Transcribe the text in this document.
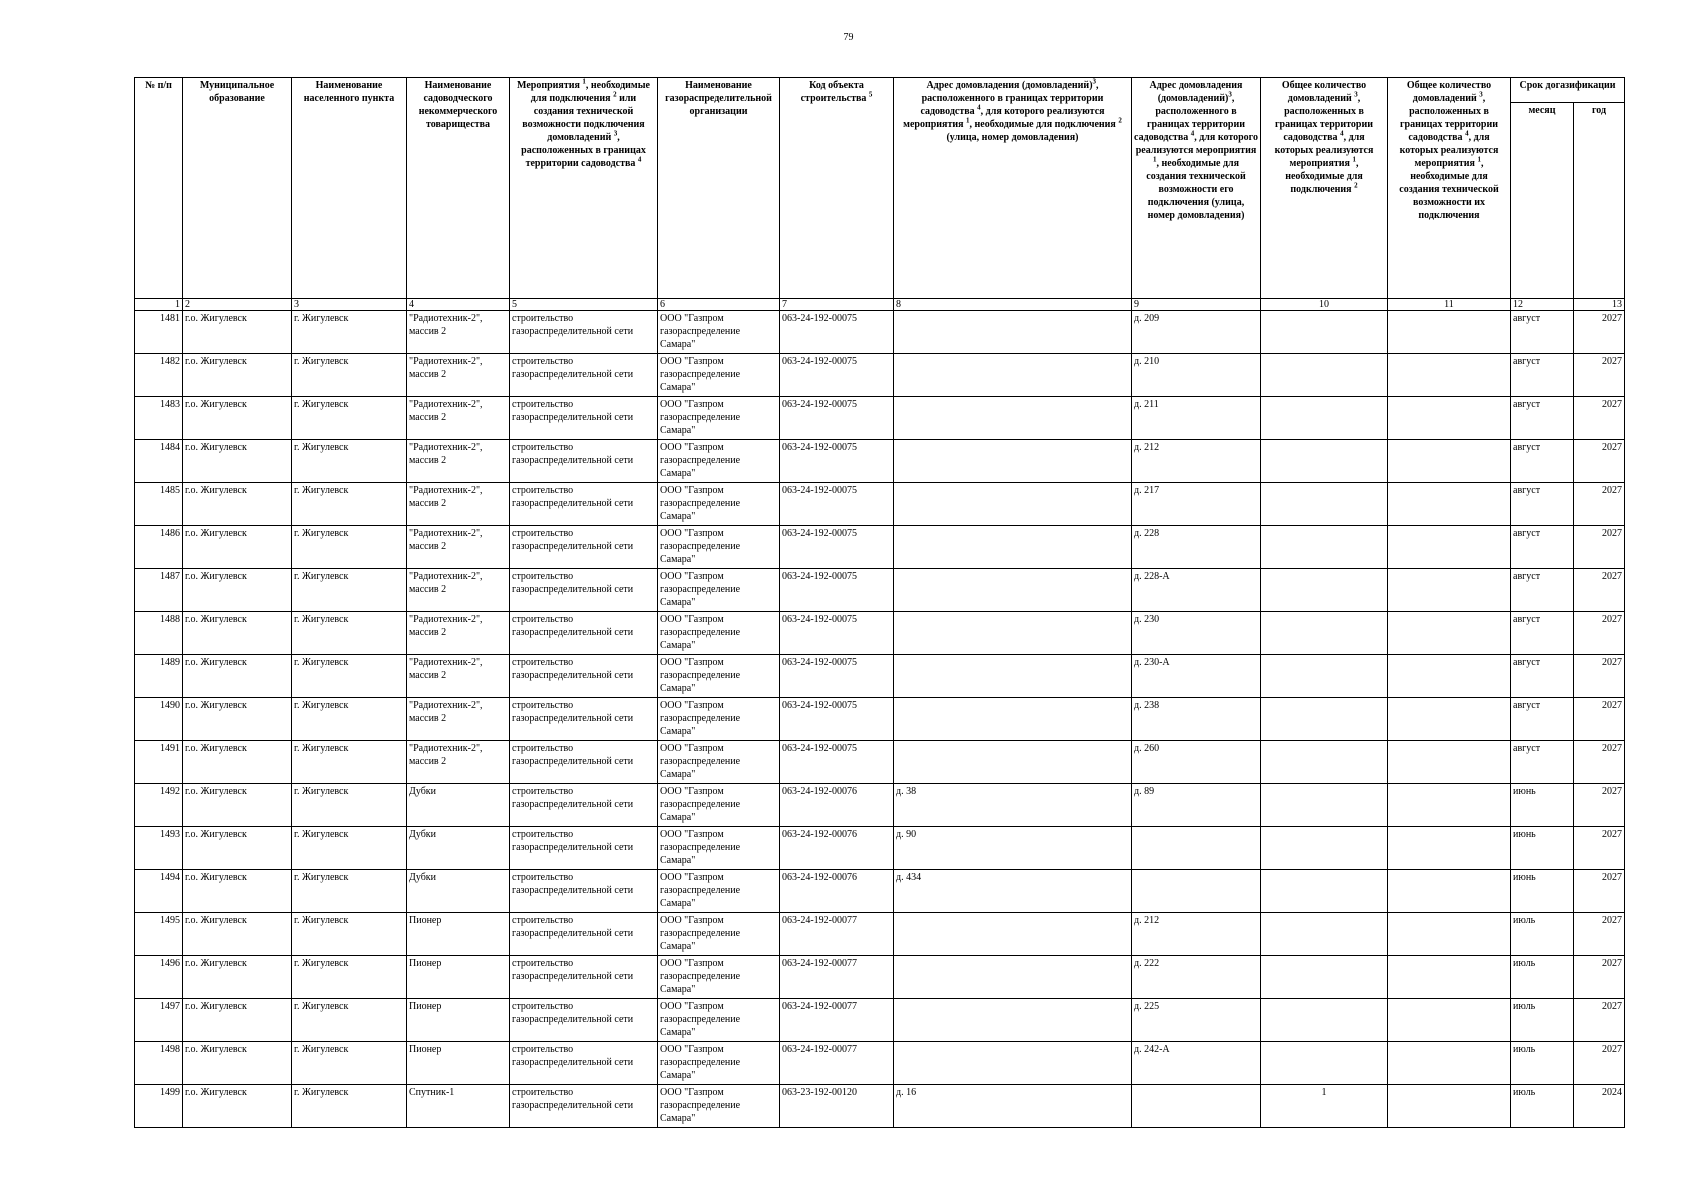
79
№ п/п	Муниципальное образование	Наименование населенного пункта	Наименование садоводческого некоммерческого товарищества	Мероприятия $^1$, необходимые для подключения $^2$ или создания технической возможности подключения домовладений $^3$, расположенных в границах территории садоводства $^4$	Наименование газораспределительной организации	Код объекта строительства $^5$	Адрес домовладения (домовладений)$^3$, расположенного в границах территории садоводства $^4$, для которого реализуются мероприятия $^1$, необходимые для подключения $^2$ (улица, номер домовладения)	Адрес домовладения (домовладений)$^3$, расположенного в границах территории садоводства $^4$, для которого реализуются мероприятия $^1$, необходимые для создания технической возможности его подключения (улица, номер домовладения)	Общее количество домовладений $^3$, расположенных в границах территории садоводства $^4$, для которых реализуются мероприятия $^1$, необходимые для подключения $^2$	Общее количество домовладений $^3$, расположенных в границах территории садоводства $^4$, для которых реализуются мероприятия $^1$, необходимые для создания технической возможности их подключения	Срок догазификации	
											месяц	год
1	2	3	4	5	6	7	8	9	10	11	12	13
1481	г.о. Жигулевск	г. Жигулевск	"Радиотехник-2", массив 2	строительство газораспределительной сети	ООО "Газпром газораспределение Самара"	063-24-192-00075		д. 209			август	2027
1482	г.о. Жигулевск	г. Жигулевск	"Радиотехник-2", массив 2	строительство газораспределительной сети	ООО "Газпром газораспределение Самара"	063-24-192-00075		д. 210			август	2027
1483	г.о. Жигулевск	г. Жигулевск	"Радиотехник-2", массив 2	строительство газораспределительной сети	ООО "Газпром газораспределение Самара"	063-24-192-00075		д. 211			август	2027
1484	г.о. Жигулевск	г. Жигулевск	"Радиотехник-2", массив 2	строительство газораспределительной сети	ООО "Газпром газораспределение Самара"	063-24-192-00075		д. 212			август	2027
1485	г.о. Жигулевск	г. Жигулевск	"Радиотехник-2", массив 2	строительство газораспределительной сети	ООО "Газпром газораспределение Самара"	063-24-192-00075		д. 217			август	2027
1486	г.о. Жигулевск	г. Жигулевск	"Радиотехник-2", массив 2	строительство газораспределительной сети	ООО "Газпром газораспределение Самара"	063-24-192-00075		д. 228			август	2027
1487	г.о. Жигулевск	г. Жигулевск	"Радиотехник-2", массив 2	строительство газораспределительной сети	ООО "Газпром газораспределение Самара"	063-24-192-00075		д. 228-А			август	2027
1488	г.о. Жигулевск	г. Жигулевск	"Радиотехник-2", массив 2	строительство газораспределительной сети	ООО "Газпром газораспределение Самара"	063-24-192-00075		д. 230			август	2027
1489	г.о. Жигулевск	г. Жигулевск	"Радиотехник-2", массив 2	строительство газораспределительной сети	ООО "Газпром газораспределение Самара"	063-24-192-00075		д. 230-А			август	2027
1490	г.о. Жигулевск	г. Жигулевск	"Радиотехник-2", массив 2	строительство газораспределительной сети	ООО "Газпром газораспределение Самара"	063-24-192-00075		д. 238			август	2027
1491	г.о. Жигулевск	г. Жигулевск	"Радиотехник-2", массив 2	строительство газораспределительной сети	ООО "Газпром газораспределение Самара"	063-24-192-00075		д. 260			август	2027
1492	г.о. Жигулевск	г. Жигулевск	Дубки	строительство газораспределительной сети	ООО "Газпром газораспределение Самара"	063-24-192-00076	д. 38	д. 89			июнь	2027
1493	г.о. Жигулевск	г. Жигулевск	Дубки	строительство газораспределительной сети	ООО "Газпром газораспределение Самара"	063-24-192-00076	д. 90				июнь	2027
1494	г.о. Жигулевск	г. Жигулевск	Дубки	строительство газораспределительной сети	ООО "Газпром газораспределение Самара"	063-24-192-00076	д. 434				июнь	2027
1495	г.о. Жигулевск	г. Жигулевск	Пионер	строительство газораспределительной сети	ООО "Газпром газораспределение Самара"	063-24-192-00077		д. 212			июль	2027
1496	г.о. Жигулевск	г. Жигулевск	Пионер	строительство газораспределительной сети	ООО "Газпром газораспределение Самара"	063-24-192-00077		д. 222			июль	2027
1497	г.о. Жигулевск	г. Жигулевск	Пионер	строительство газораспределительной сети	ООО "Газпром газораспределение Самара"	063-24-192-00077		д. 225			июль	2027
1498	г.о. Жигулевск	г. Жигулевск	Пионер	строительство газораспределительной сети	ООО "Газпром газораспределение Самара"	063-24-192-00077		д. 242-А			июль	2027
1499	г.о. Жигулевск	г. Жигулевск	Спутник-1	строительство газораспределительной сети	ООО "Газпром газораспределение Самара"	063-23-192-00120	д. 16		1		июль	2024
